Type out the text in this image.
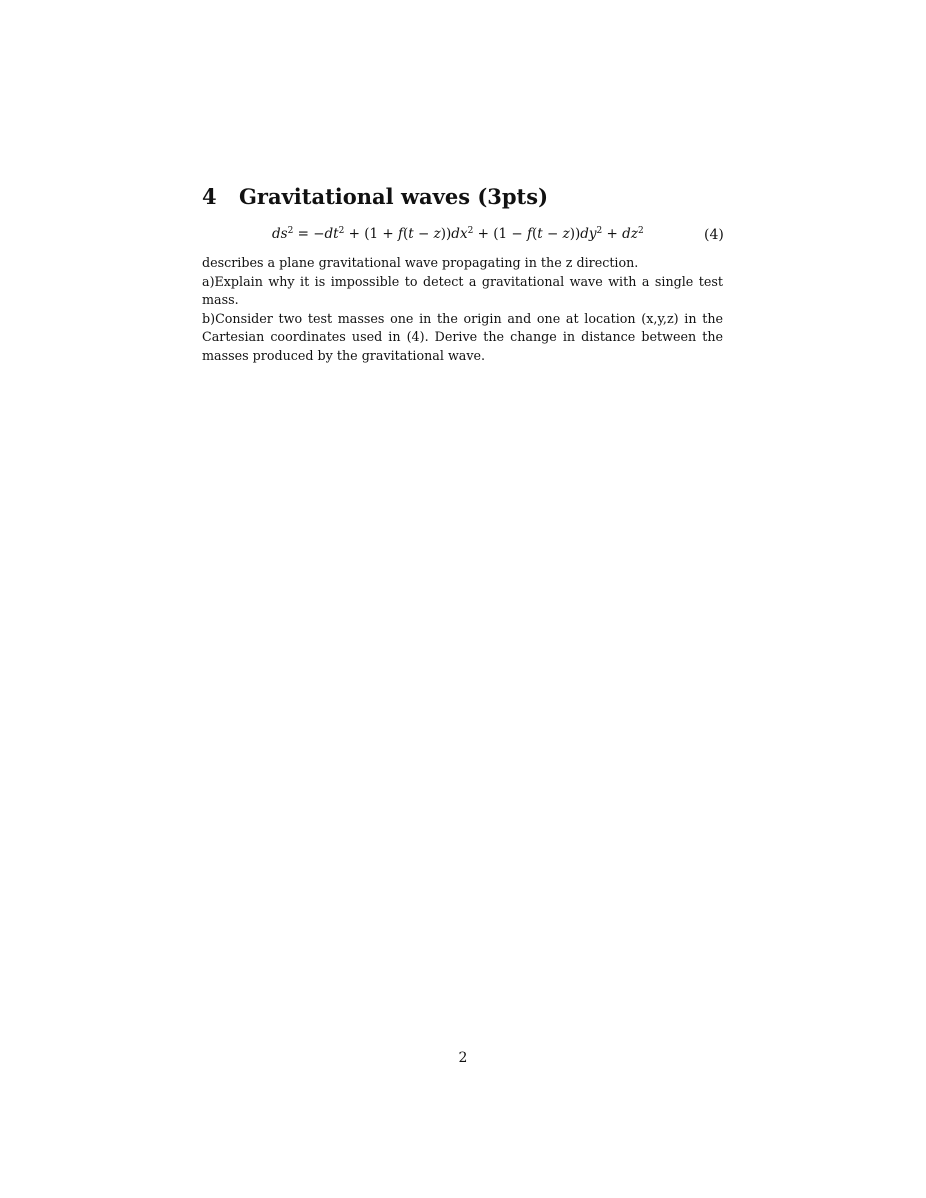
4 Gravitational waves (3pts)
$ds^2 = -dt^2 + (1 + f(t - z))dx^2 + (1 - f(t - z))dy^2 + dz^2$	(4)

describes a plane gravitational wave propagating in the z direction.

a)Explain why it is impossible to detect a gravitational wave with a single test mass.

b)Consider two test masses one in the origin and one at location (x,y,z) in the Cartesian coordinates used in (4). Derive the change in distance between the masses produced by the gravitational wave.

2
